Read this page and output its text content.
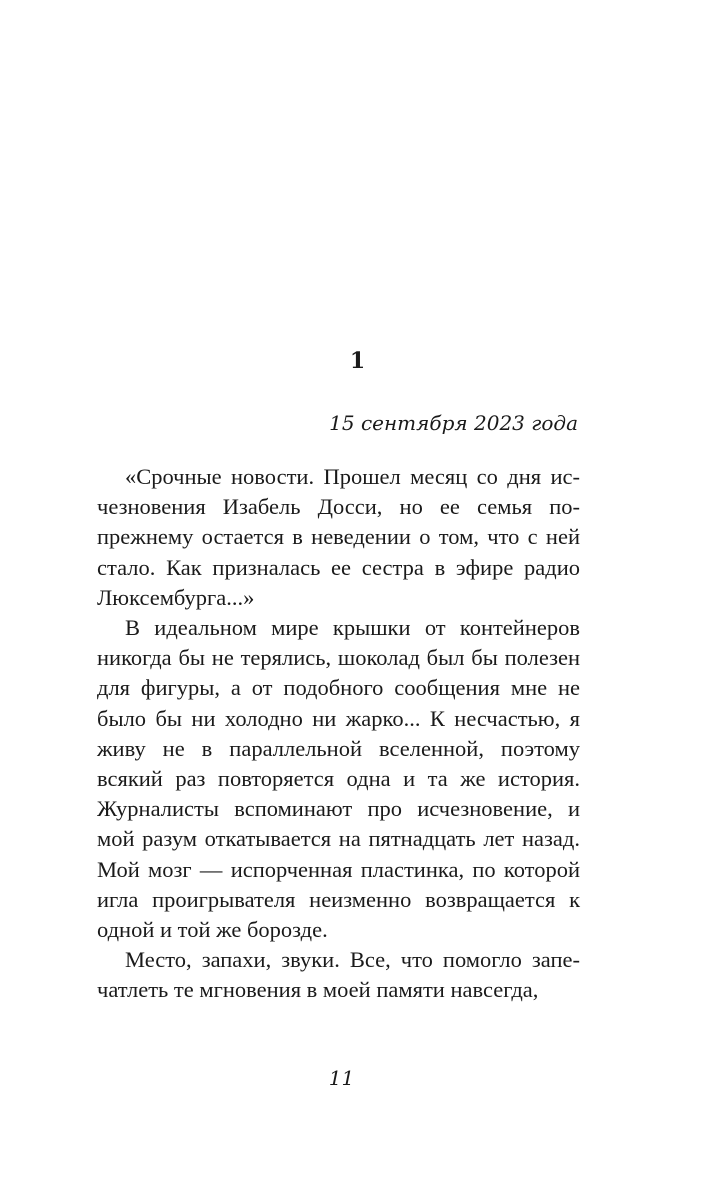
1
15 сентября 2023 года

«Срочные новости. Прошел месяц со дня исчезновения Изабель Досси, но ее семья попрежнему остается в неведении о том, что с ней стало. Как призналась ее сестра в эфире радио Люксембурга...»

В идеальном мире крышки от контейнеров никогда бы не терялись, шоколад был бы полезен для фигуры, а от подобного сообщения мне не было бы ни холодно ни жарко... К несчастью, я живу не в параллельной вселенной, поэтому всякий раз повторяется одна и та же история. Журналисты вспоминают про исчезновение, и мой разум откатывается на пятнадцать лет назад. Мой мозг — испорченная пластинка, по которой игла проигрывателя неизменно возвращается к одной и той же борозде.

Место, запахи, звуки. Все, что помогло запечатлеть те мгновения в моей памяти навсегда,

11
